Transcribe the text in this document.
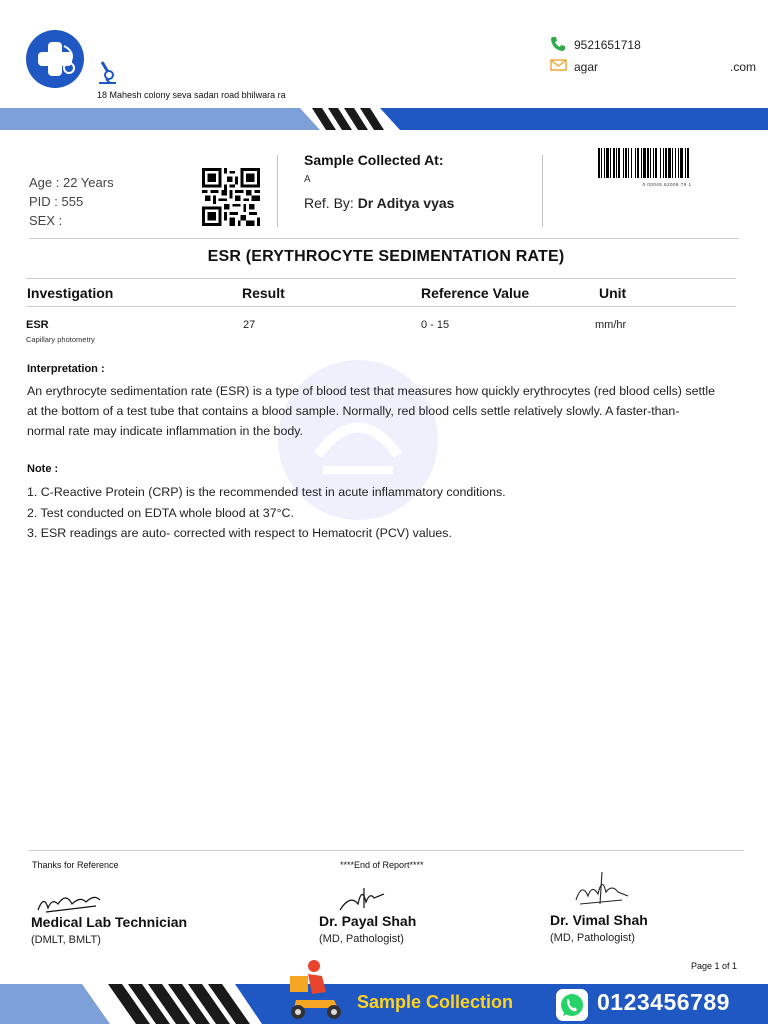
18 Mahesh colony seva sadan road bhilwara ra
9521651718
agar	.com
Age : 22 Years
PID : 555
SEX :
Sample Collected At:
A
Ref. By: Dr Aditya vyas
0 00045 62008 79 1
ESR (ERYTHROCYTE SEDIMENTATION RATE)
Investigation	Result	Reference Value	Unit
ESR
Capillary photometry
27	0 - 15	mm/hr
Interpretation :
An erythrocyte sedimentation rate (ESR) is a type of blood test that measures how quickly erythrocytes (red blood cells) settle at the bottom of a test tube that contains a blood sample. Normally, red blood cells settle relatively slowly. A faster-than-normal rate may indicate inflammation in the body.
Note :
1. C-Reactive Protein (CRP) is the recommended test in acute inflammatory conditions.
2. Test conducted on EDTA whole blood at 37°C.
3. ESR readings are auto- corrected with respect to Hematocrit (PCV) values.
Thanks for Reference	****End of Report****
Medical Lab Technician
(DMLT, BMLT)
Dr. Payal Shah
(MD, Pathologist)
Dr. Vimal Shah
(MD, Pathologist)
Page 1 of 1
Sample Collection	0123456789
